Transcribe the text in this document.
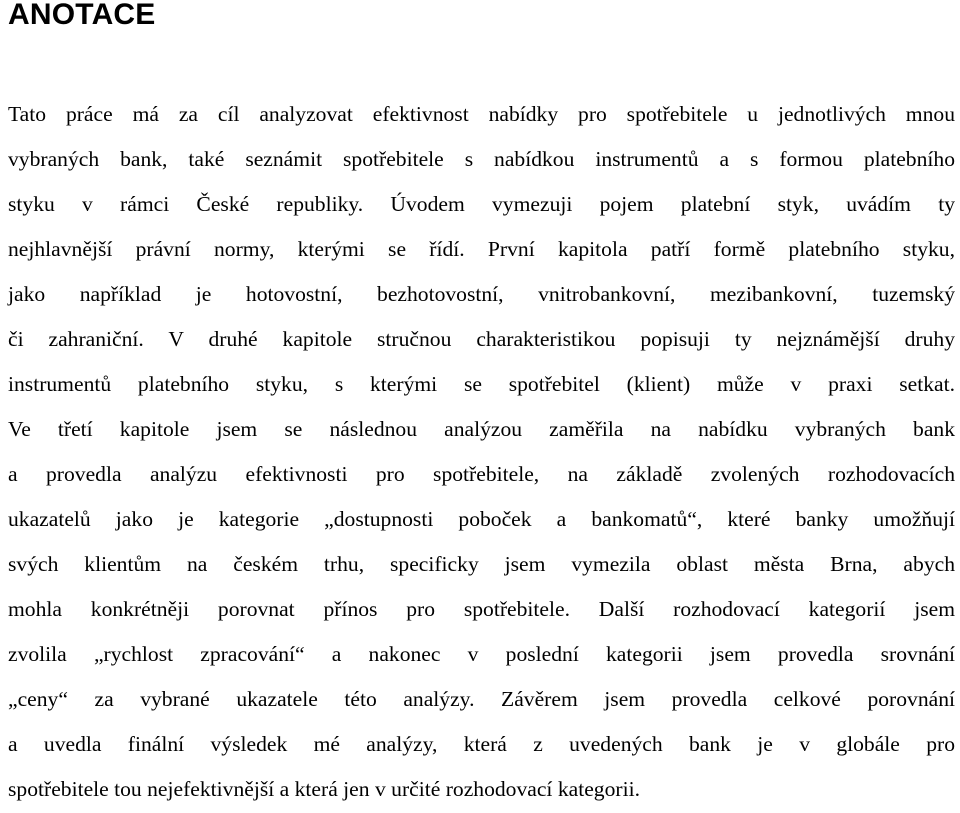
ANOTACE
Tato práce má za cíl analyzovat efektivnost nabídky pro spotřebitele u jednotlivých mnou
vybraných bank, také seznámit spotřebitele s nabídkou instrumentů a s formou platebního
styku v rámci České republiky. Úvodem vymezuji pojem platební styk, uvádím ty
nejhlavnější právní normy, kterými se řídí. První kapitola patří formě platebního styku,
jako například je hotovostní, bezhotovostní, vnitrobankovní, mezibankovní, tuzemský
či zahraniční. V druhé kapitole stručnou charakteristikou popisuji ty nejznámější druhy
instrumentů platebního styku, s kterými se spotřebitel (klient) může v praxi setkat.
Ve třetí kapitole jsem se následnou analýzou zaměřila na nabídku vybraných bank
a provedla analýzu efektivnosti pro spotřebitele, na základě zvolených rozhodovacích
ukazatelů jako je kategorie „dostupnosti poboček a bankomatů“, které banky umožňují
svých klientům na českém trhu, specificky jsem vymezila oblast města Brna, abych
mohla konkrétněji porovnat přínos pro spotřebitele. Další rozhodovací kategorií jsem
zvolila „rychlost zpracování“ a nakonec v poslední kategorii jsem provedla srovnání
„ceny“ za vybrané ukazatele této analýzy. Závěrem jsem provedla celkové porovnání
a uvedla finální výsledek mé analýzy, která z uvedených bank je v globále pro
spotřebitele tou nejefektivnější a která jen v určité rozhodovací kategorii.
